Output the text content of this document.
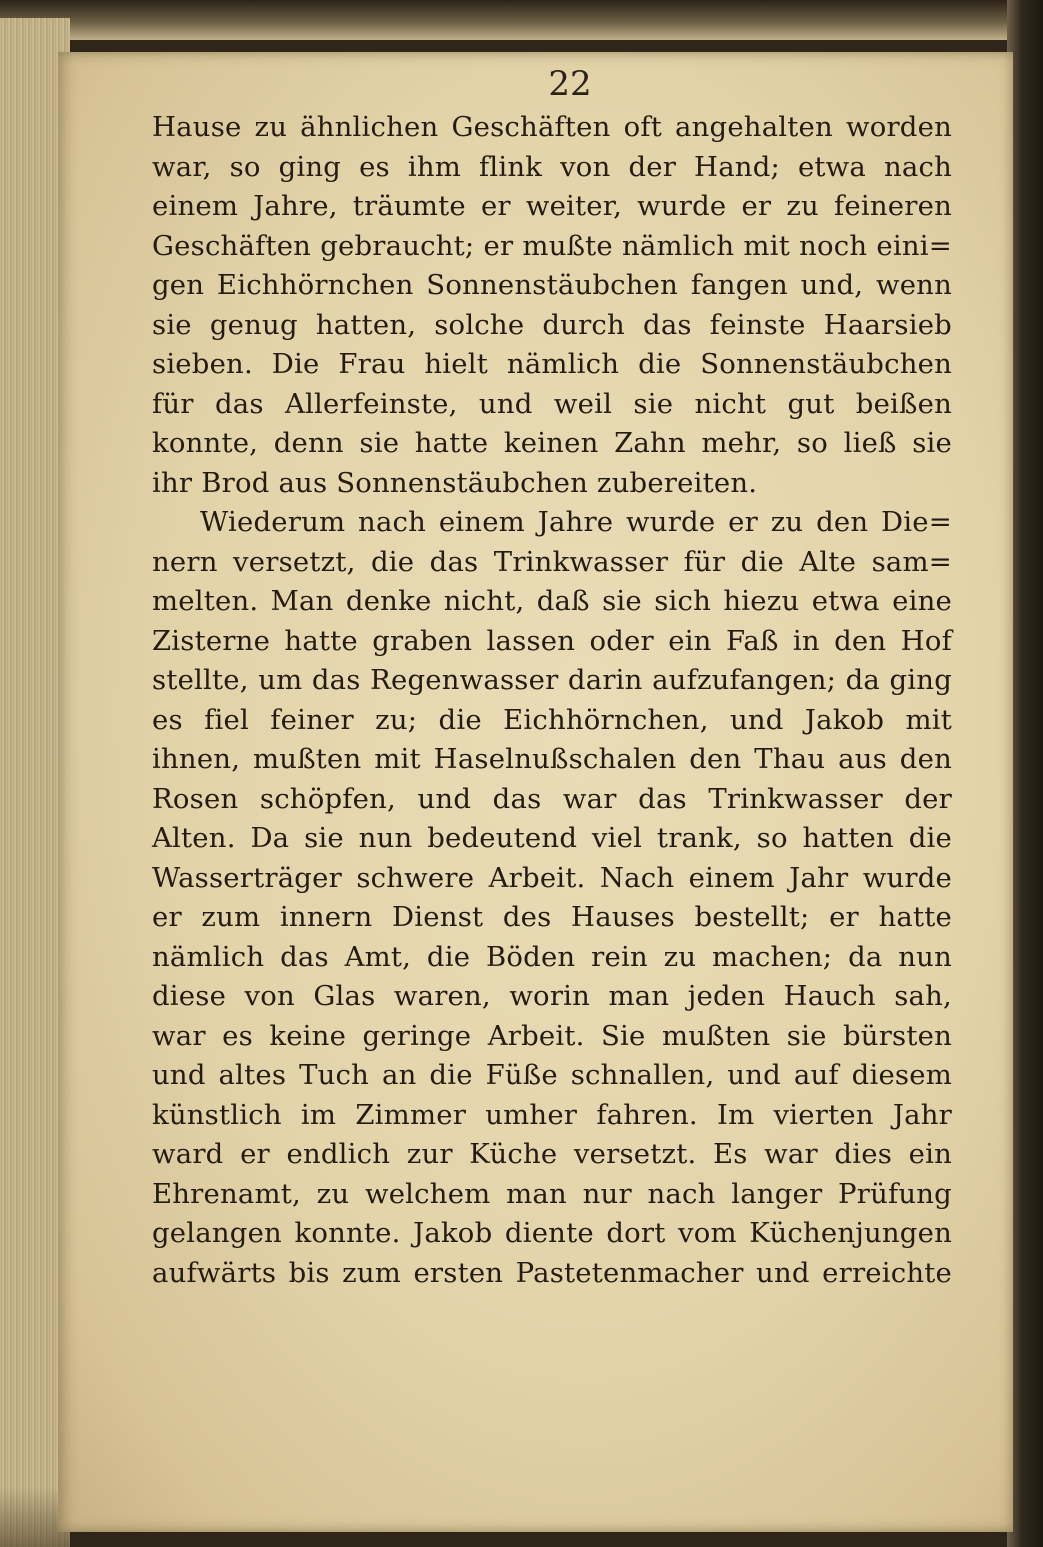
22
Hause zu ähnlichen Geschäften oft angehalten worden
war, so ging es ihm flink von der Hand; etwa nach
einem Jahre, träumte er weiter, wurde er zu feineren
Geschäften gebraucht; er mußte nämlich mit noch eini=
gen Eichhörnchen Sonnenstäubchen fangen und, wenn
sie genug hatten, solche durch das feinste Haarsieb
sieben. Die Frau hielt nämlich die Sonnenstäubchen
für das Allerfeinste, und weil sie nicht gut beißen
konnte, denn sie hatte keinen Zahn mehr, so ließ sie
ihr Brod aus Sonnenstäubchen zubereiten.
Wiederum nach einem Jahre wurde er zu den Die=
nern versetzt, die das Trinkwasser für die Alte sam=
melten. Man denke nicht, daß sie sich hiezu etwa eine
Zisterne hatte graben lassen oder ein Faß in den Hof
stellte, um das Regenwasser darin aufzufangen; da ging
es fiel feiner zu; die Eichhörnchen, und Jakob mit
ihnen, mußten mit Haselnußschalen den Thau aus den
Rosen schöpfen, und das war das Trinkwasser der
Alten. Da sie nun bedeutend viel trank, so hatten die
Wasserträger schwere Arbeit. Nach einem Jahr wurde
er zum innern Dienst des Hauses bestellt; er hatte
nämlich das Amt, die Böden rein zu machen; da nun
diese von Glas waren, worin man jeden Hauch sah,
war es keine geringe Arbeit. Sie mußten sie bürsten
und altes Tuch an die Füße schnallen, und auf diesem
künstlich im Zimmer umher fahren. Im vierten Jahr
ward er endlich zur Küche versetzt. Es war dies ein
Ehrenamt, zu welchem man nur nach langer Prüfung
gelangen konnte. Jakob diente dort vom Küchenjungen
aufwärts bis zum ersten Pastetenmacher und erreichte
